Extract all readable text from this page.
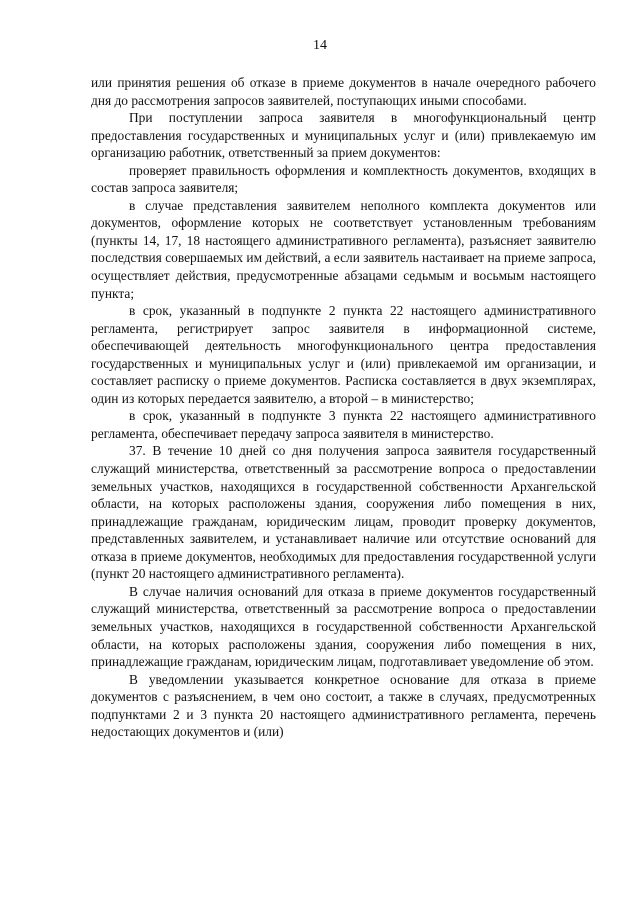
14

или принятия решения об отказе в приеме документов в начале очередного рабочего дня до рассмотрения запросов заявителей, поступающих иными способами.

При поступлении запроса заявителя в многофункциональный центр предоставления государственных и муниципальных услуг и (или) привлекаемую им организацию работник, ответственный за прием документов:

проверяет правильность оформления и комплектность документов, входящих в состав запроса заявителя;

в случае представления заявителем неполного комплекта документов или документов, оформление которых не соответствует установленным требованиям (пункты 14, 17, 18 настоящего административного регламента), разъясняет заявителю последствия совершаемых им действий, а если заявитель настаивает на приеме запроса, осуществляет действия, предусмотренные абзацами седьмым и восьмым настоящего пункта;

в срок, указанный в подпункте 2 пункта 22 настоящего административного регламента, регистрирует запрос заявителя в информационной системе, обеспечивающей деятельность многофункционального центра предоставления государственных и муниципальных услуг и (или) привлекаемой им организации, и составляет расписку о приеме документов. Расписка составляется в двух экземплярах, один из которых передается заявителю, а второй – в министерство;

в срок, указанный в подпункте 3 пункта 22 настоящего административного регламента, обеспечивает передачу запроса заявителя в министерство.

37. В течение 10 дней со дня получения запроса заявителя государственный служащий министерства, ответственный за рассмотрение вопроса о предоставлении земельных участков, находящихся в государственной собственности Архангельской области, на которых расположены здания, сооружения либо помещения в них, принадлежащие гражданам, юридическим лицам, проводит проверку документов, представленных заявителем, и устанавливает наличие или отсутствие оснований для отказа в приеме документов, необходимых для предоставления государственной услуги (пункт 20 настоящего административного регламента).

В случае наличия оснований для отказа в приеме документов государственный служащий министерства, ответственный за рассмотрение вопроса о предоставлении земельных участков, находящихся в государственной собственности Архангельской области, на которых расположены здания, сооружения либо помещения в них, принадлежащие гражданам, юридическим лицам, подготавливает уведомление об этом.

В уведомлении указывается конкретное основание для отказа в приеме документов с разъяснением, в чем оно состоит, а также в случаях, предусмотренных подпунктами 2 и 3 пункта 20 настоящего административного регламента, перечень недостающих документов и (или)
